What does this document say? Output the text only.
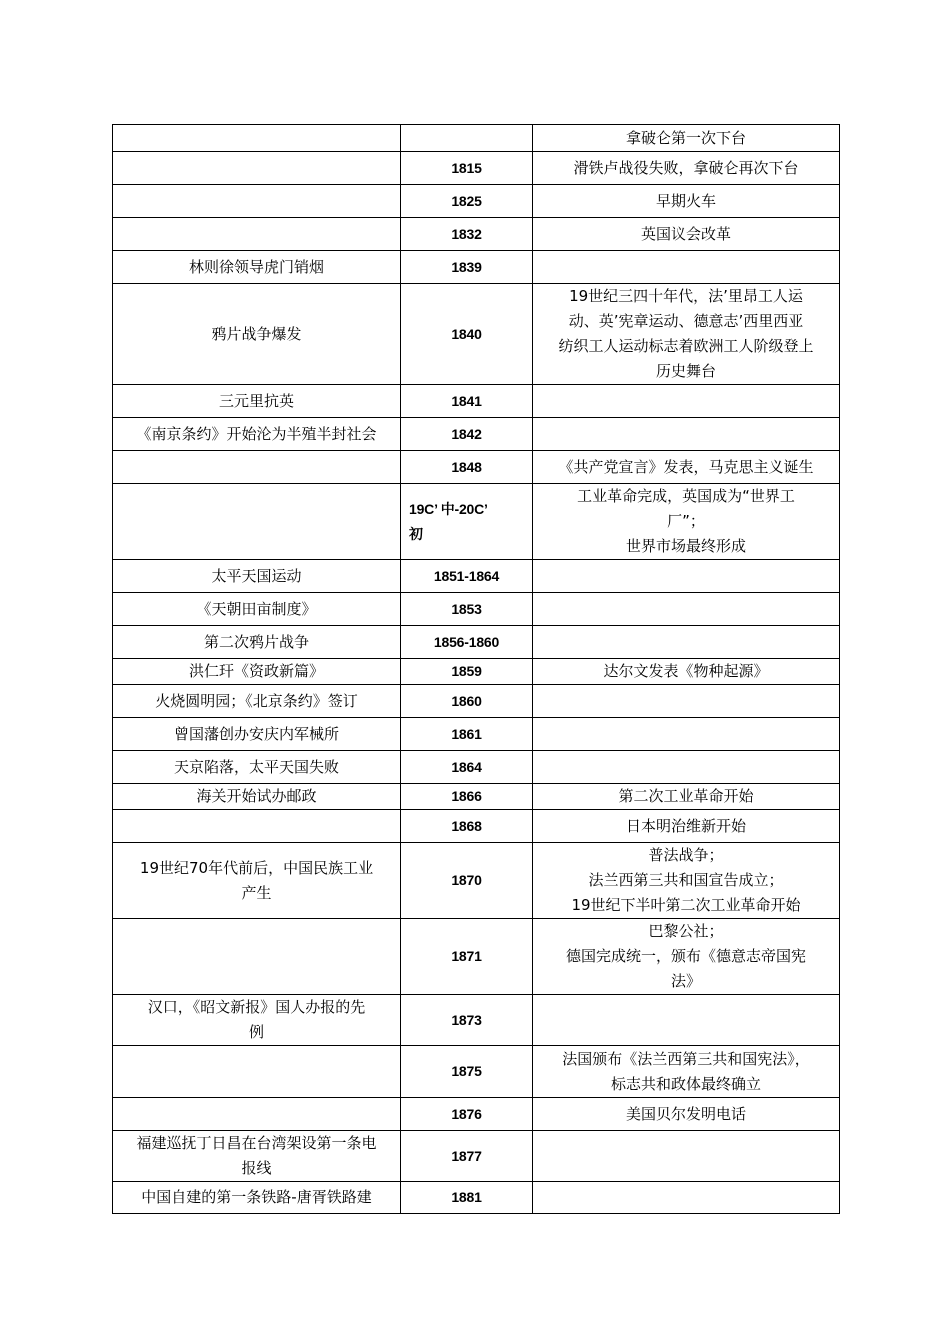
		拿破仑第一次下台
	1815	滑铁卢战役失败，拿破仑再次下台
	1825	早期火车
	1832	英国议会改革
林则徐领导虎门销烟	1839	
鸦片战争爆发	1840	19世纪三四十年代，法’里昂工人运
动、英’宪章运动、德意志’西里西亚
纺织工人运动标志着欧洲工人阶级登上
历史舞台
三元里抗英	1841	
《南京条约》开始沦为半殖半封社会	1842	
	1848	《共产党宣言》发表，马克思主义诞生
	19C’ 中-20C’
初	工业革命完成，英国成为“世界工
厂”；
世界市场最终形成
太平天国运动	1851-1864	
《天朝田亩制度》	1853	
第二次鸦片战争	1856-1860	
洪仁玕《资政新篇》	1859	达尔文发表《物种起源》
火烧圆明园；《北京条约》签订	1860	
曾国藩创办安庆内军械所	1861	
天京陷落，太平天国失败	1864	
海关开始试办邮政	1866	第二次工业革命开始
	1868	日本明治维新开始
19世纪70年代前后，中国民族工业
产生	1870	普法战争；
法兰西第三共和国宣告成立；
19世纪下半叶第二次工业革命开始
	1871	巴黎公社；
德国完成统一，颁布《德意志帝国宪
法》
汉口，《昭文新报》国人办报的先
例	1873	
	1875	法国颁布《法兰西第三共和国宪法》，
标志共和政体最终确立
	1876	美国贝尔发明电话
福建巡抚丁日昌在台湾架设第一条电
报线	1877	
中国自建的第一条铁路-唐胥铁路建	1881	
